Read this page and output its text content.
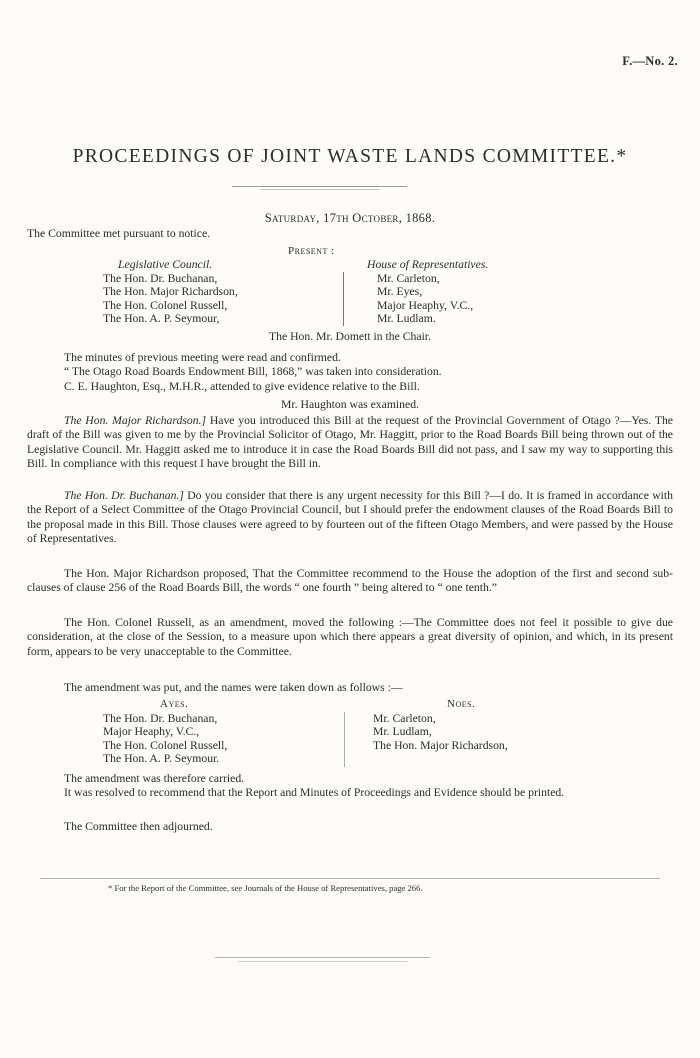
F.—No. 2.
PROCEEDINGS OF JOINT WASTE LANDS COMMITTEE.*
Saturday, 17th October, 1868.
The Committee met pursuant to notice.
Present :
Legislative Council.
The Hon. Dr. Buchanan,
The Hon. Major Richardson,
The Hon. Colonel Russell,
The Hon. A. P. Seymour,
House of Representatives.
Mr. Carleton,
Mr. Eyes,
Major Heaphy, V.C.,
Mr. Ludlam.
The Hon. Mr. Domett in the Chair.
The minutes of previous meeting were read and confirmed.
“ The Otago Road Boards Endowment Bill, 1868,” was taken into consideration.
C. E. Haughton, Esq., M.H.R., attended to give evidence relative to the Bill.
Mr. Haughton was examined.

The Hon. Major Richardson.] Have you introduced this Bill at the request of the Provincial Government of Otago ?—Yes. The draft of the Bill was given to me by the Provincial Solicitor of Otago, Mr. Haggitt, prior to the Road Boards Bill being thrown out of the Legislative Council. Mr. Haggitt asked me to introduce it in case the Road Boards Bill did not pass, and I saw my way to supporting this Bill. In compliance with this request I have brought the Bill in.

The Hon. Dr. Buchanan.] Do you consider that there is any urgent necessity for this Bill ?—I do. It is framed in accordance with the Report of a Select Committee of the Otago Provincial Council, but I should prefer the endowment clauses of the Road Boards Bill to the proposal made in this Bill. Those clauses were agreed to by fourteen out of the fifteen Otago Members, and were passed by the House of Representatives.

The Hon. Major Richardson proposed, That the Committee recommend to the House the adoption of the first and second sub-clauses of clause 256 of the Road Boards Bill, the words “ one fourth ” being altered to “ one tenth.”

The Hon. Colonel Russell, as an amendment, moved the following :—The Committee does not feel it possible to give due consideration, at the close of the Session, to a measure upon which there appears a great diversity of opinion, and which, in its present form, appears to be very unacceptable to the Committee.

The amendment was put, and the names were taken down as follows :—
Ayes.
The Hon. Dr. Buchanan,
Major Heaphy, V.C.,
The Hon. Colonel Russell,
The Hon. A. P. Seymour.
Noes.
Mr. Carleton,
Mr. Ludlam,
The Hon. Major Richardson,
The amendment was therefore carried.

It was resolved to recommend that the Report and Minutes of Proceedings and Evidence should be printed.

The Committee then adjourned.
* For the Report of the Committee, see Journals of the House of Representatives, page 266.
